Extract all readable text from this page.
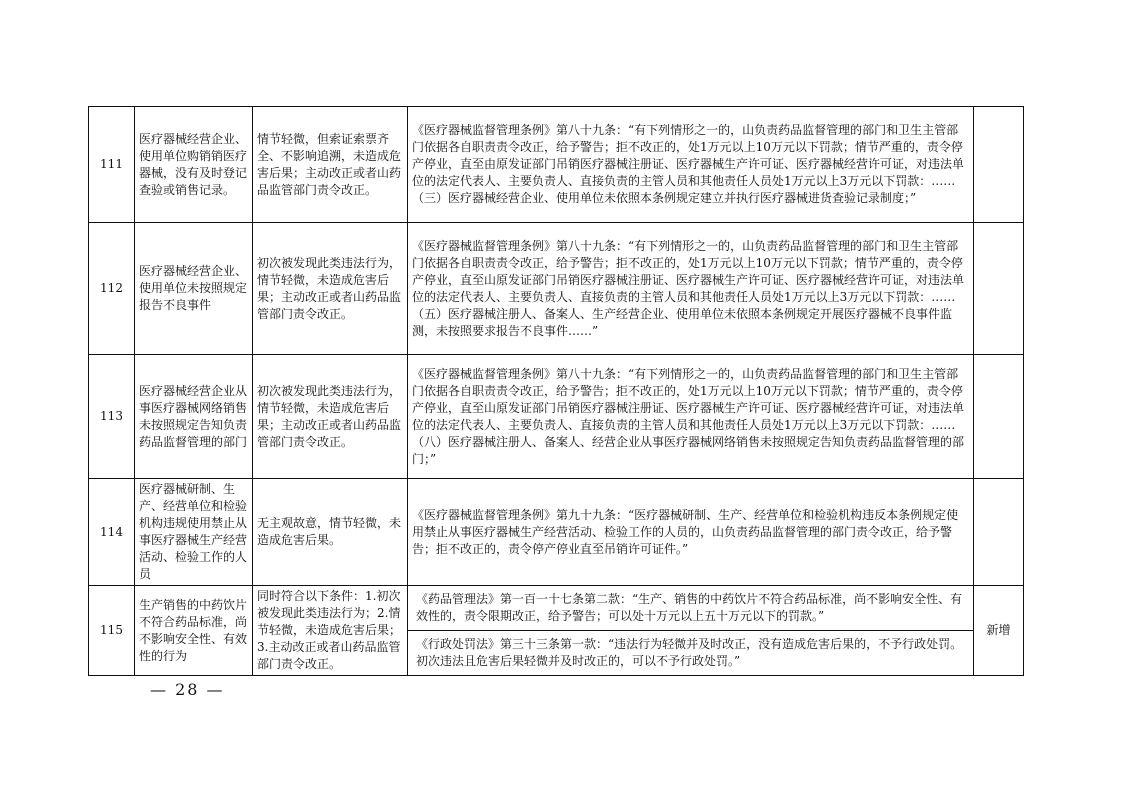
111	医疗器械经营企业、使用单位购销销医疗器械，没有及时登记查验或销售记录。	情节轻微，但索证索票齐全、不影响追溯，未造成危害后果；主动改正或者山药品监管部门责令改正。	《医疗器械监督管理条例》第八十九条：“有下列情形之一的，山负责药品监督管理的部门和卫生主管部门依据各自职责责令改正，给予警告；拒不改正的，处1万元以上10万元以下罚款；情节严重的，责令停产停业，直至由原发证部门吊销医疗器械注册证、医疗器械生产许可证、医疗器械经营许可证，对违法单位的法定代表人、主要负责人、直接负责的主管人员和其他责任人员处1万元以上3万元以下罚款：……（三）医疗器械经营企业、使用单位未依照本条例规定建立并执行医疗器械进货查验记录制度；”	
112	医疗器械经营企业、使用单位未按照规定报告不良事件	初次被发现此类违法行为，情节轻微，未造成危害后果；主动改正或者山药品监管部门责令改正。	《医疗器械监督管理条例》第八十九条：“有下列情形之一的，山负责药品监督管理的部门和卫生主管部门依据各自职责责令改正，给予警告；拒不改正的，处1万元以上10万元以下罚款；情节严重的，责令停产停业，直至山原发证部门吊销医疗器械注册证、医疗器械生产许可证、医疗器械经营许可证，对违法单位的法定代表人、主要负责人、直接负责的主管人员和其他责任人员处1万元以上3万元以下罚款：……（五）医疗器械注册人、备案人、生产经营企业、使用单位未依照本条例规定开展医疗器械不良事件监测，未按照要求报告不良事件……”	
113	医疗器械经营企业从事医疗器械网络销售未按照规定告知负责药品监督管理的部门	初次被发现此类违法行为，情节轻微，未造成危害后果；主动改正或者山药品监管部门责令改正。	《医疗器械监督管理条例》第八十九条：“有下列情形之一的，山负责药品监督管理的部门和卫生主管部门依据各自职责责令改正，给予警告；拒不改正的，处1万元以上10万元以下罚款；情节严重的，责令停产停业，直至山原发证部门吊销医疗器械注册证、医疗器械生产许可证、医疗器械经营许可证，对违法单位的法定代表人、主要负责人、直接负责的主管人员和其他责任人员处1万元以上3万元以下罚款：……（八）医疗器械注册人、备案人、经营企业从事医疗器械网络销售未按照规定告知负责药品监督管理的部门；”	
114	医疗器械研制、生产、经营单位和检验机构违规使用禁止从事医疗器械生产经营活动、检验工作的人员	无主观故意，情节轻微，未造成危害后果。	《医疗器械监督管理条例》第九十九条：“医疗器械研制、生产、经营单位和检验机构违反本条例规定使用禁止从事医疗器械生产经营活动、检验工作的人员的，山负责药品监督管理的部门责令改正，给予警告；拒不改正的，责令停产停业直至吊销许可证件。”	
115	生产销售的中药饮片不符合药品标准，尚不影响安全性、有效性的行为	同时符合以下条件：1.初次被发现此类违法行为；2.情节轻微，未造成危害后果；3.主动改正或者山药品监管部门责令改正。	《药品管理法》第一百一十七条第二款：“生产、销售的中药饮片不符合药品标准，尚不影响安全性、有效性的，责令限期改正，给予警告；可以处十万元以上五十万元以下的罚款。”	新增
			《行政处罚法》第三十三条第一款：“违法行为轻微并及时改正，没有造成危害后果的，不予行政处罚。初次违法且危害后果轻微并及时改正的，可以不予行政处罚。”	
— 28 —
